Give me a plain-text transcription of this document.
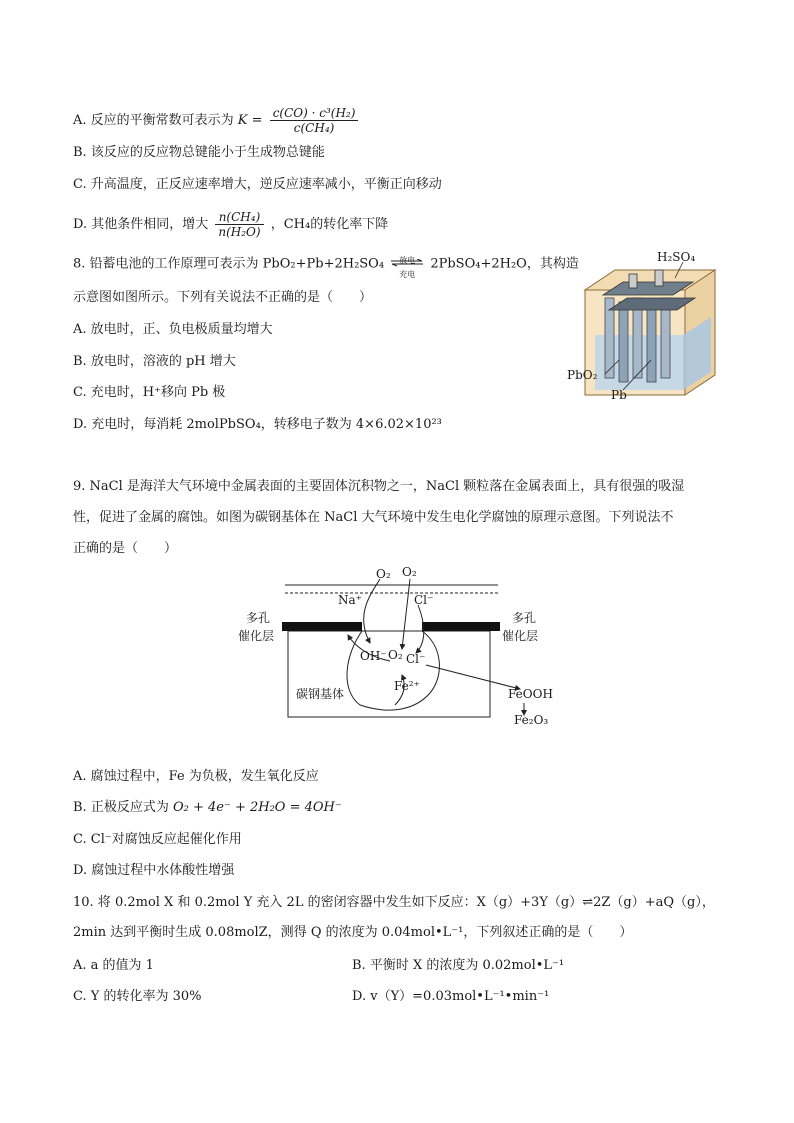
A. 反应的平衡常数可表示为 $K = \frac{\text{c(CO) · c³(H₂)}}{\text{c(CH₄)}}$
B. 该反应的反应物总键能小于生成物总键能
C. 升高温度，正反应速率增大，逆反应速率减小，平衡正向移动
D. 其他条件相同，增大 $\frac{\text{n(CH₄)}}{\text{n(H₂O)}}$ ，CH₄的转化率下降
8. 铅蓄电池的工作原理可表示为 PbO₂+Pb+2H₂SO₄	放电
充电
2PbSO₄+2H₂O，其构造
示意图如图所示。下列有关说法不正确的是（　　）
A. 放电时，正、负电极质量均增大
B. 放电时，溶液的 pH 增大
C. 充电时，H⁺移向 Pb 极
D. 充电时，每消耗 2molPbSO₄，转移电子数为 4×6.02×10²³
H₂SO₄
PbO₂
Pb
9. NaCl 是海洋大气环境中金属表面的主要固体沉积物之一，NaCl 颗粒落在金属表面上，具有很强的吸湿
性，促进了金属的腐蚀。如图为碳钢基体在 NaCl 大气环境中发生电化学腐蚀的原理示意图。下列说法不
正确的是（　　）
O₂ O₂
Na⁺	Cl⁻
多孔
催化层
多孔
催化层
OH⁻ O₂ Cl⁻
Fe²⁺
碳钢基体	FeOOH
Fe₂O₃
A. 腐蚀过程中，Fe 为负极，发生氧化反应
B. 正极反应式为 O₂ + 4e⁻ + 2H₂O = 4OH⁻
C. Cl⁻对腐蚀反应起催化作用
D. 腐蚀过程中水体酸性增强
10. 将 0.2mol X 和 0.2mol Y 充入 2L 的密闭容器中发生如下反应：X（g）+3Y（g）⇌2Z（g）+aQ（g），
2min 达到平衡时生成 0.08molZ，测得 Q 的浓度为 0.04mol•L⁻¹，下列叙述正确的是（　　）
A. a 的值为 1	B. 平衡时 X 的浓度为 0.02mol•L⁻¹
C. Y 的转化率为 30%	D. v（Y）=0.03mol•L⁻¹•min⁻¹
